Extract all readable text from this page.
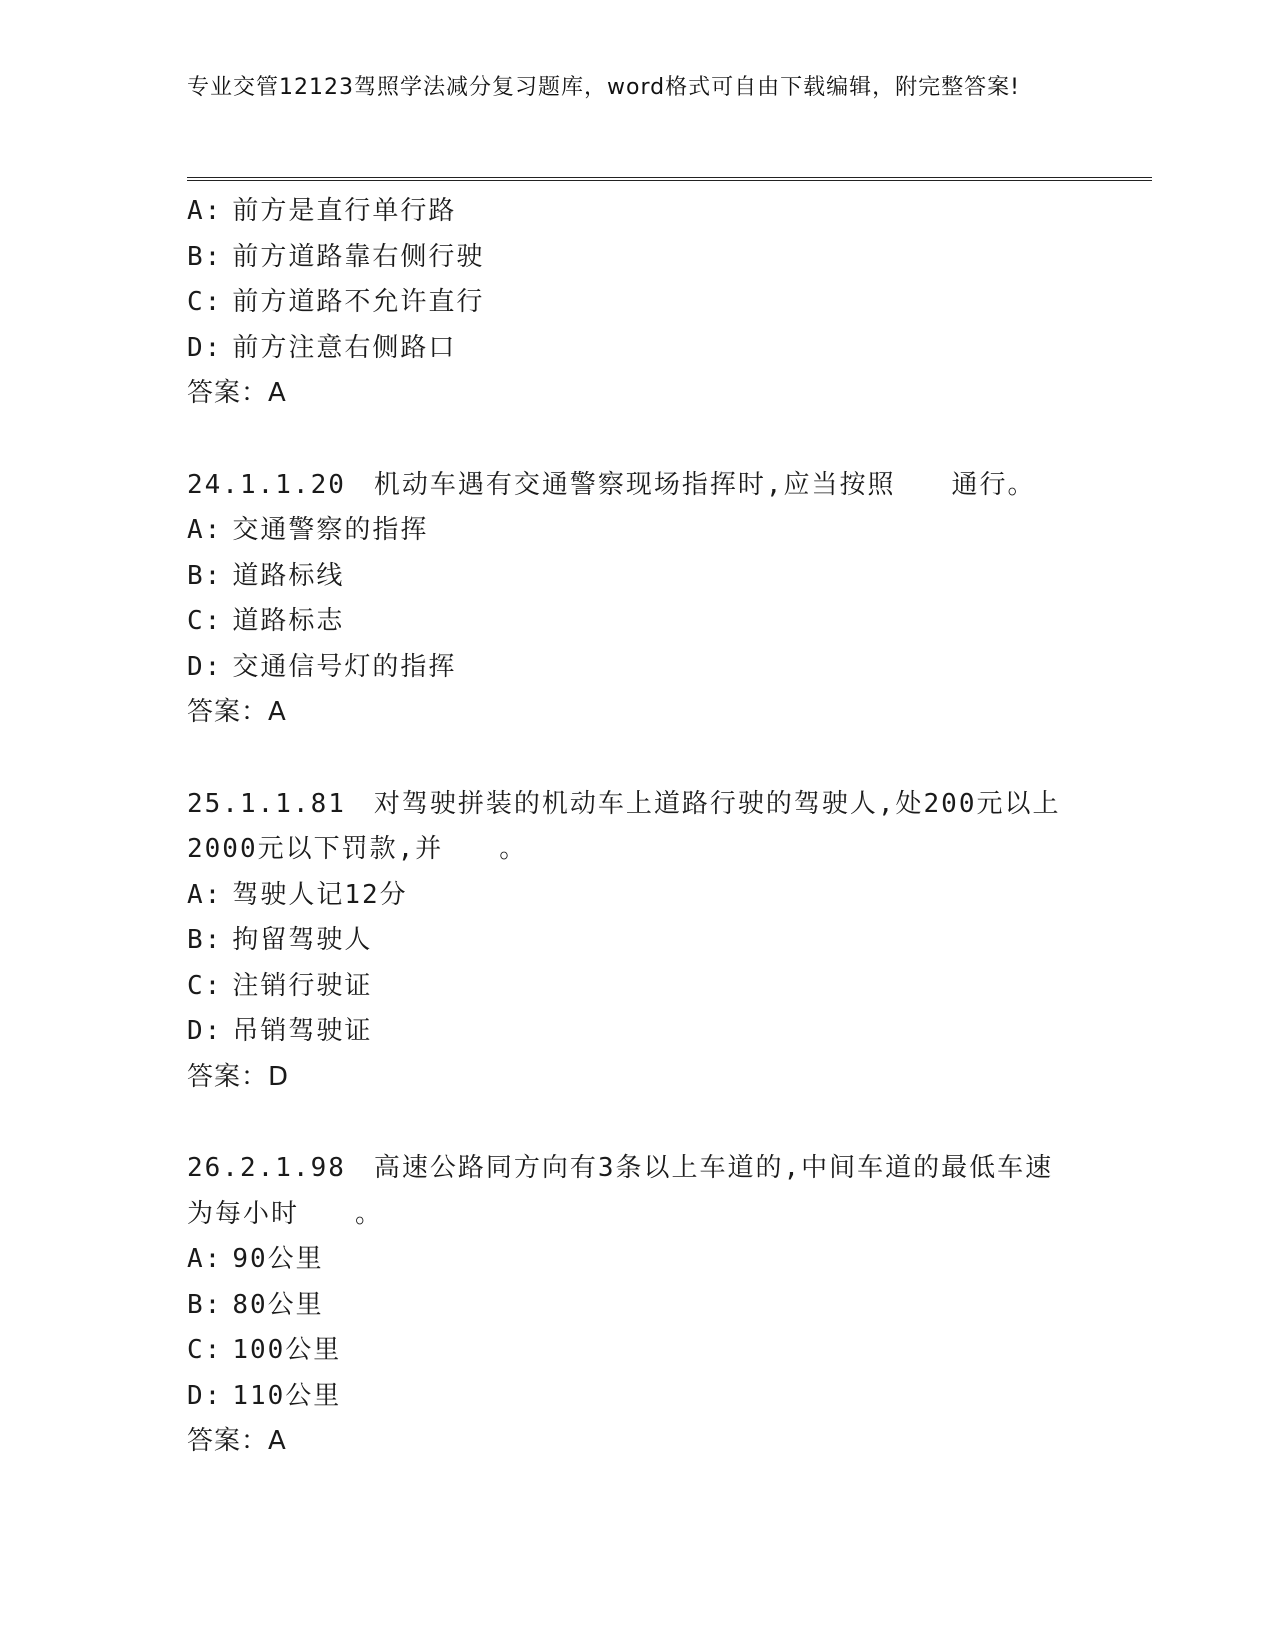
专业交管12123驾照学法减分复习题库，word格式可自由下载编辑，附完整答案!
A: 前方是直行单行路
B: 前方道路靠右侧行驶
C: 前方道路不允许直行
D: 前方注意右侧路口
答案：A
24.1.1.20　机动车遇有交通警察现场指挥时,应当按照　　通行。
A: 交通警察的指挥
B: 道路标线
C: 道路标志
D: 交通信号灯的指挥
答案：A
25.1.1.81　对驾驶拼装的机动车上道路行驶的驾驶人,处200元以上2000元以下罚款,并　　。
A: 驾驶人记12分
B: 拘留驾驶人
C: 注销行驶证
D: 吊销驾驶证
答案：D
26.2.1.98　高速公路同方向有3条以上车道的,中间车道的最低车速为每小时　　。
A: 90公里
B: 80公里
C: 100公里
D: 110公里
答案：A
